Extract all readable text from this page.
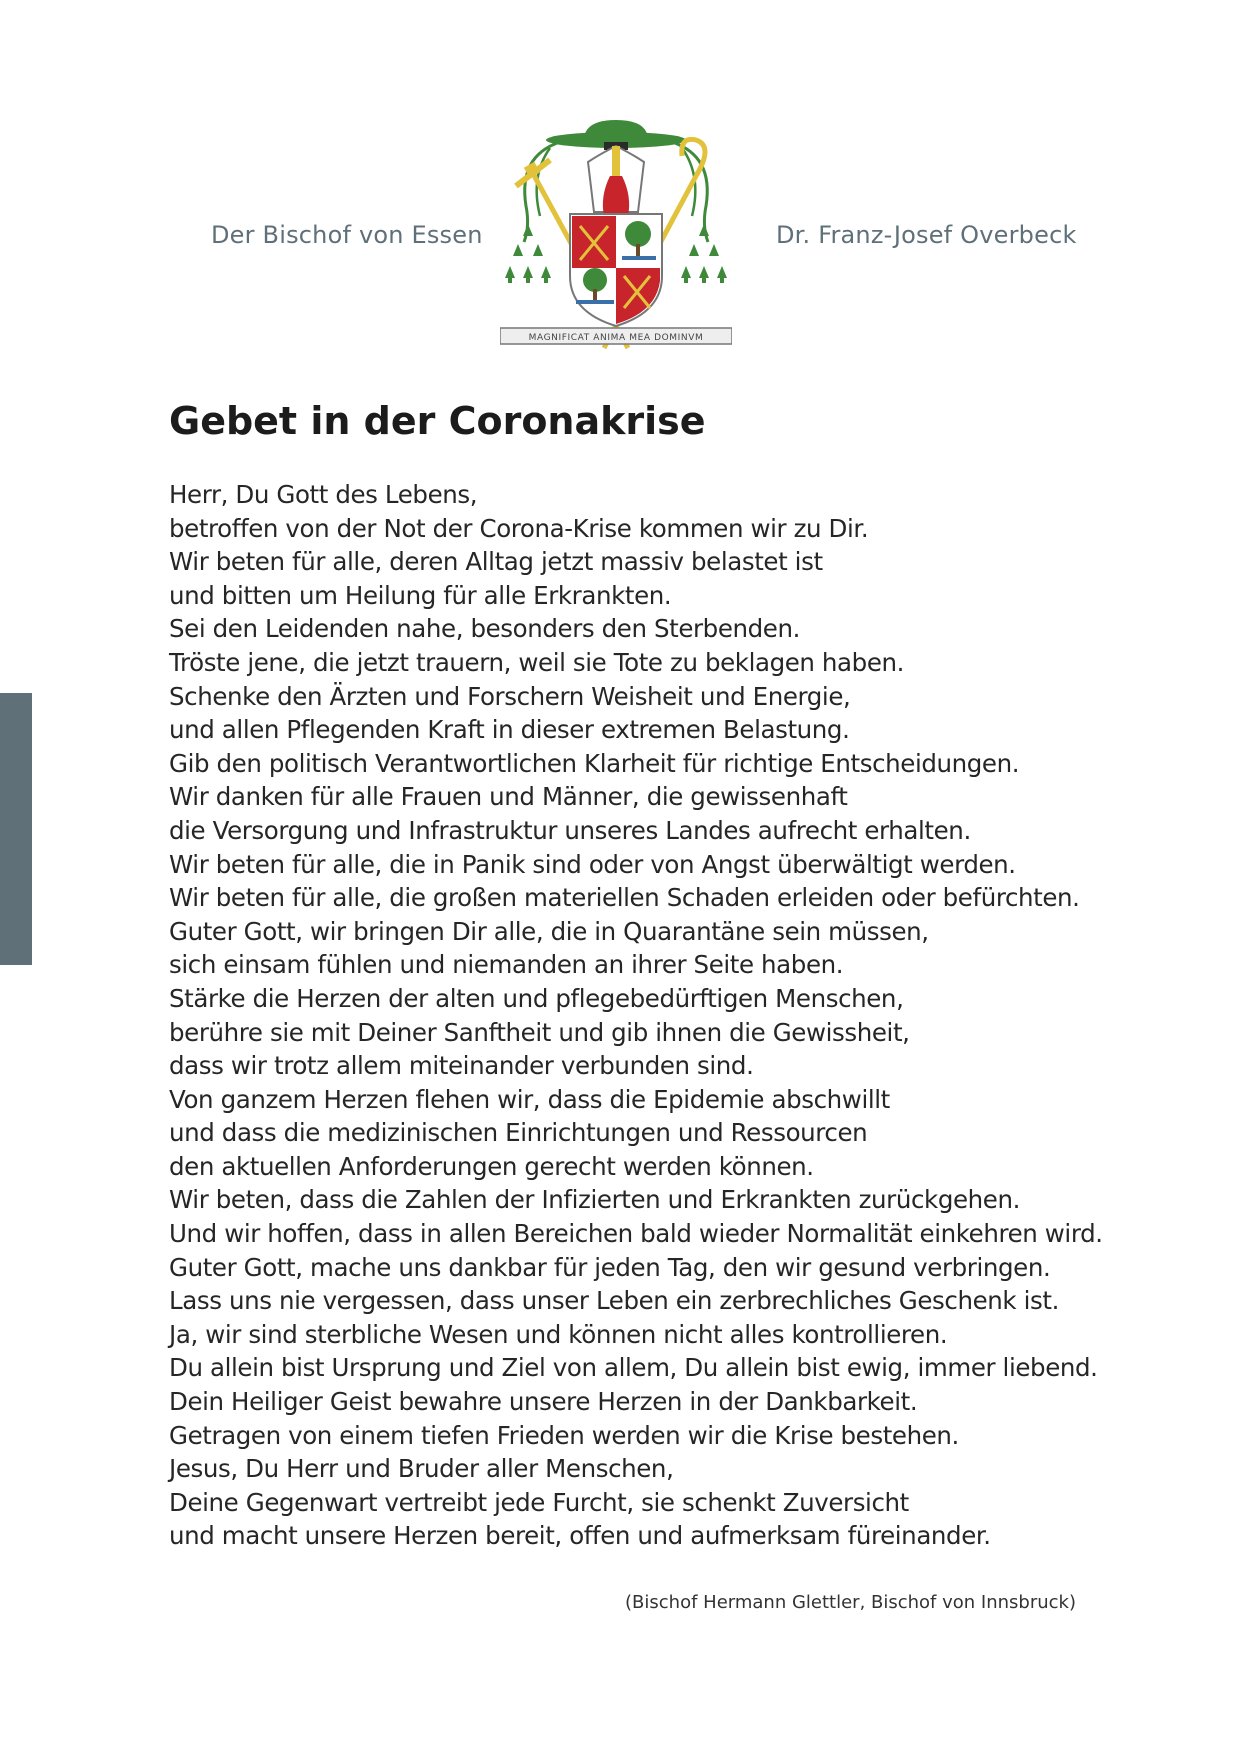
Der Bischof von Essen
MAGNIFICAT ANIMA MEA DOMINVM
Dr. Franz-Josef Overbeck
Gebet in der Coronakrise
Herr, Du Gott des Lebens,
betroffen von der Not der Corona-Krise kommen wir zu Dir.
Wir beten für alle, deren Alltag jetzt massiv belastet ist
und bitten um Heilung für alle Erkrankten.
Sei den Leidenden nahe, besonders den Sterbenden.
Tröste jene, die jetzt trauern, weil sie Tote zu beklagen haben.
Schenke den Ärzten und Forschern Weisheit und Energie,
und allen Pflegenden Kraft in dieser extremen Belastung.
Gib den politisch Verantwortlichen Klarheit für richtige Entscheidungen.
Wir danken für alle Frauen und Männer, die gewissenhaft
die Versorgung und Infrastruktur unseres Landes aufrecht erhalten.
Wir beten für alle, die in Panik sind oder von Angst überwältigt werden.
Wir beten für alle, die großen materiellen Schaden erleiden oder befürchten.
Guter Gott, wir bringen Dir alle, die in Quarantäne sein müssen,
sich einsam fühlen und niemanden an ihrer Seite haben.
Stärke die Herzen der alten und pflegebedürftigen Menschen,
berühre sie mit Deiner Sanftheit und gib ihnen die Gewissheit,
dass wir trotz allem miteinander verbunden sind.
Von ganzem Herzen flehen wir, dass die Epidemie abschwillt
und dass die medizinischen Einrichtungen und Ressourcen
den aktuellen Anforderungen gerecht werden können.
Wir beten, dass die Zahlen der Infizierten und Erkrankten zurückgehen.
Und wir hoffen, dass in allen Bereichen bald wieder Normalität einkehren wird.
Guter Gott, mache uns dankbar für jeden Tag, den wir gesund verbringen.
Lass uns nie vergessen, dass unser Leben ein zerbrechliches Geschenk ist.
Ja, wir sind sterbliche Wesen und können nicht alles kontrollieren.
Du allein bist Ursprung und Ziel von allem, Du allein bist ewig, immer liebend.
Dein Heiliger Geist bewahre unsere Herzen in der Dankbarkeit.
Getragen von einem tiefen Frieden werden wir die Krise bestehen.
Jesus, Du Herr und Bruder aller Menschen,
Deine Gegenwart vertreibt jede Furcht, sie schenkt Zuversicht
und macht unsere Herzen bereit, offen und aufmerksam füreinander.
(Bischof Hermann Glettler, Bischof von Innsbruck)
